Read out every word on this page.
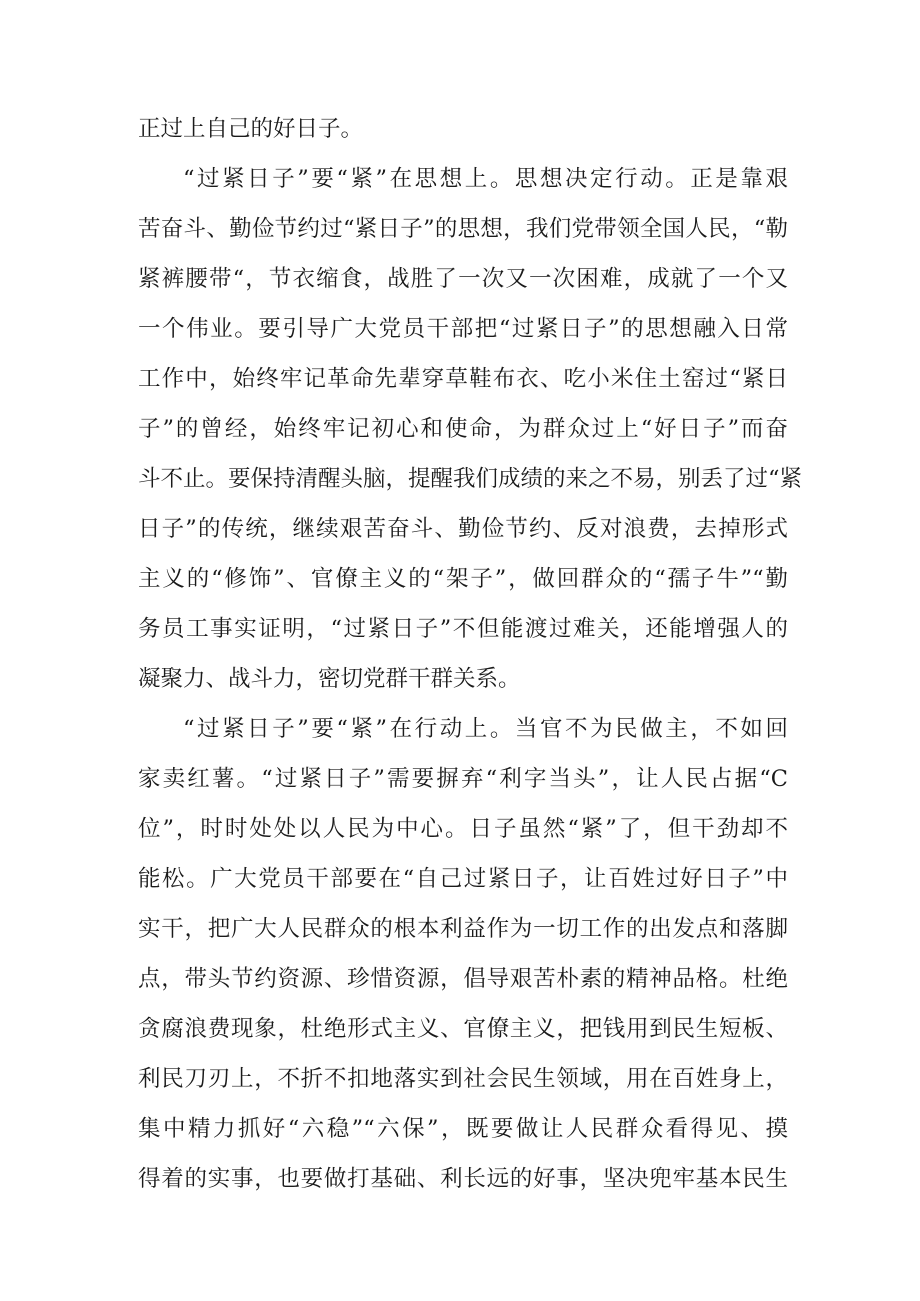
正过上自己的好日子。
“过紧日子”要“紧”在思想上。思想决定行动。正是靠艰
苦奋斗、勤俭节约过“紧日子”的思想，我们党带领全国人民，“勒
紧裤腰带“，节衣缩食，战胜了一次又一次困难，成就了一个又
一个伟业。要引导广大党员干部把“过紧日子”的思想融入日常
工作中，始终牢记革命先辈穿草鞋布衣、吃小米住土窑过“紧日
子”的曾经，始终牢记初心和使命，为群众过上“好日子”而奋
斗不止。要保持清醒头脑，提醒我们成绩的来之不易，别丢了过“紧
日子”的传统，继续艰苦奋斗、勤俭节约、反对浪费，去掉形式
主义的“修饰”、官僚主义的“架子”，做回群众的“孺子牛”“勤
务员工事实证明，“过紧日子”不但能渡过难关，还能增强人的
凝聚力、战斗力，密切党群干群关系。
“过紧日子”要“紧”在行动上。当官不为民做主，不如回
家卖红薯。“过紧日子”需要摒弃“利字当头”，让人民占据“C
位”，时时处处以人民为中心。日子虽然“紧”了，但干劲却不
能松。广大党员干部要在“自己过紧日子，让百姓过好日子”中
实干，把广大人民群众的根本利益作为一切工作的出发点和落脚
点，带头节约资源、珍惜资源，倡导艰苦朴素的精神品格。杜绝
贪腐浪费现象，杜绝形式主义、官僚主义，把钱用到民生短板、
利民刀刃上，不折不扣地落实到社会民生领域，用在百姓身上，
集中精力抓好“六稳”“六保”，既要做让人民群众看得见、摸
得着的实事，也要做打基础、利长远的好事，坚决兜牢基本民生
